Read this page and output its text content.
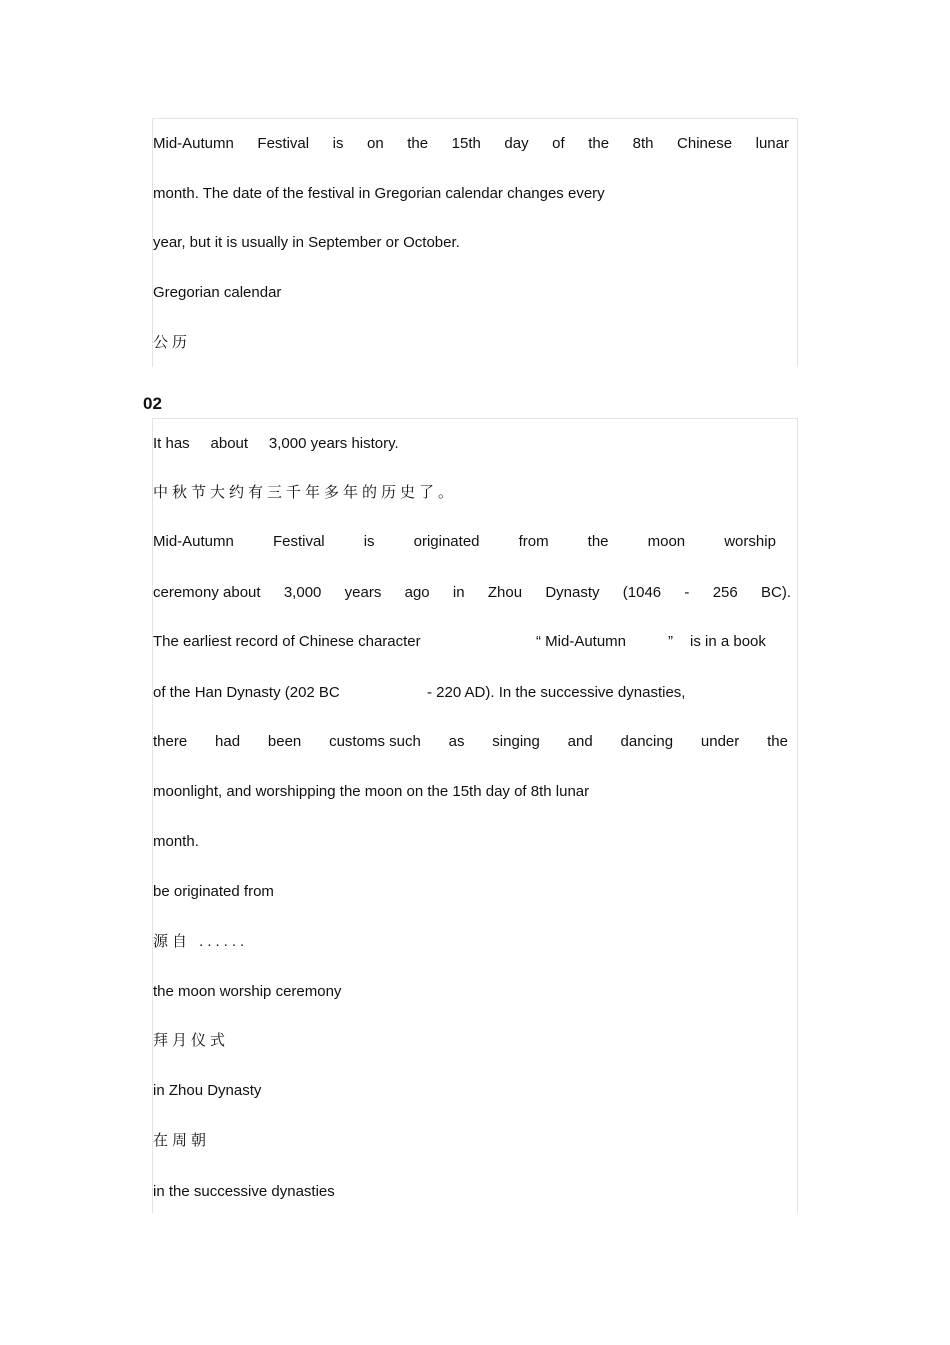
Mid-Autumn Festival is on the 15th day of the 8th Chinese lunar
month. The date of the festival in Gregorian calendar changes every
year, but it is usually in September or October.
Gregorian calendar
公历
02
It has     about     3,000 years history.
中秋节大约有三千年多年的历史了。
Mid-Autumn	Festival	is	originated	from	the	moon	worship
ceremony about 3,000 years ago in Zhou Dynasty (1046 - 256 BC).
The earliest record of Chinese character	“ Mid-Autumn	” is in a book
of the Han Dynasty (202 BC	- 220 AD). In the successive dynasties,
there had been customs such as singing and dancing under the
moonlight, and worshipping the moon on the 15th day of 8th lunar
month.
be originated from
源自 ......
the moon worship ceremony
拜月仪式
in Zhou Dynasty
在周朝
in the successive dynasties
